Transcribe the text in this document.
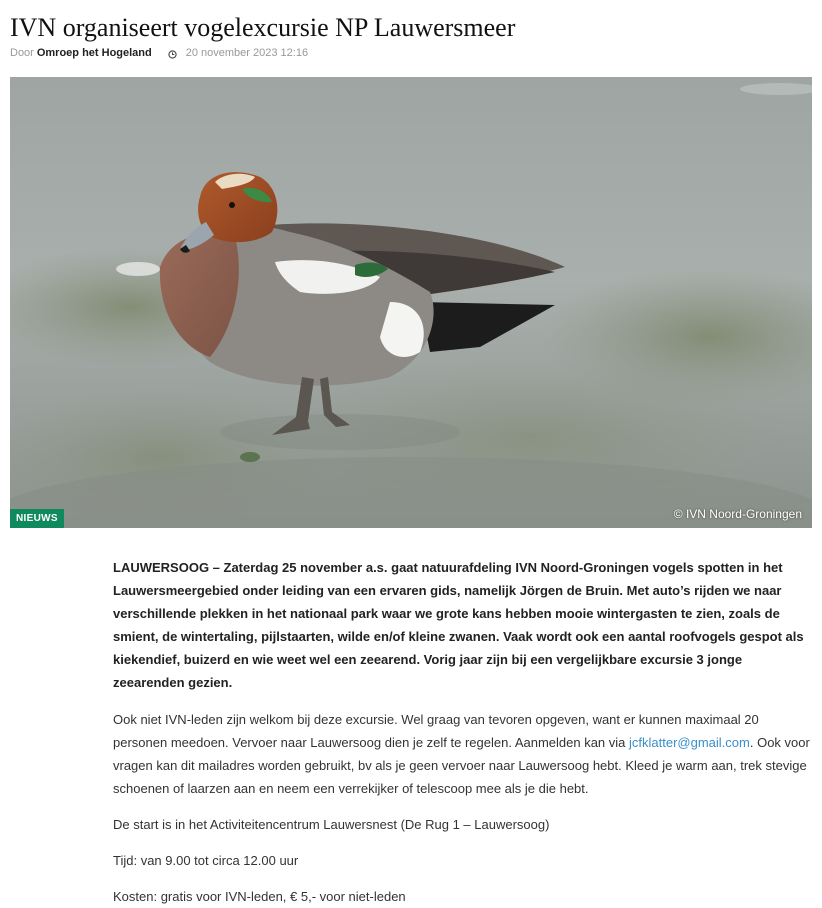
IVN organiseert vogelexcursie NP Lauwersmeer
Door Omroep het Hogeland	20 november 2023 12:16
NIEUWS	© IVN Noord-Groningen

LAUWERSOOG – Zaterdag 25 november a.s. gaat natuurafdeling IVN Noord-Groningen vogels spotten in het Lauwersmeergebied onder leiding van een ervaren gids, namelijk Jörgen de Bruin. Met auto’s rijden we naar verschillende plekken in het nationaal park waar we grote kans hebben mooie wintergasten te zien, zoals de smient, de wintertaling, pijlstaarten, wilde en/of kleine zwanen. Vaak wordt ook een aantal roofvogels gespot als kiekendief, buizerd en wie weet wel een zeearend. Vorig jaar zijn bij een vergelijkbare excursie 3 jonge zeearenden gezien.

Ook niet IVN-leden zijn welkom bij deze excursie. Wel graag van tevoren opgeven, want er kunnen maximaal 20 personen meedoen. Vervoer naar Lauwersoog dien je zelf te regelen. Aanmelden kan via jcfklatter@gmail.com. Ook voor vragen kan dit mailadres worden gebruikt, bv als je geen vervoer naar Lauwersoog hebt. Kleed je warm aan, trek stevige schoenen of laarzen aan en neem een verrekijker of telescoop mee als je die hebt.

De start is in het Activiteitencentrum Lauwersnest (De Rug 1 – Lauwersoog)

Tijd: van 9.00 tot circa 12.00 uur

Kosten: gratis voor IVN-leden, € 5,- voor niet-leden
